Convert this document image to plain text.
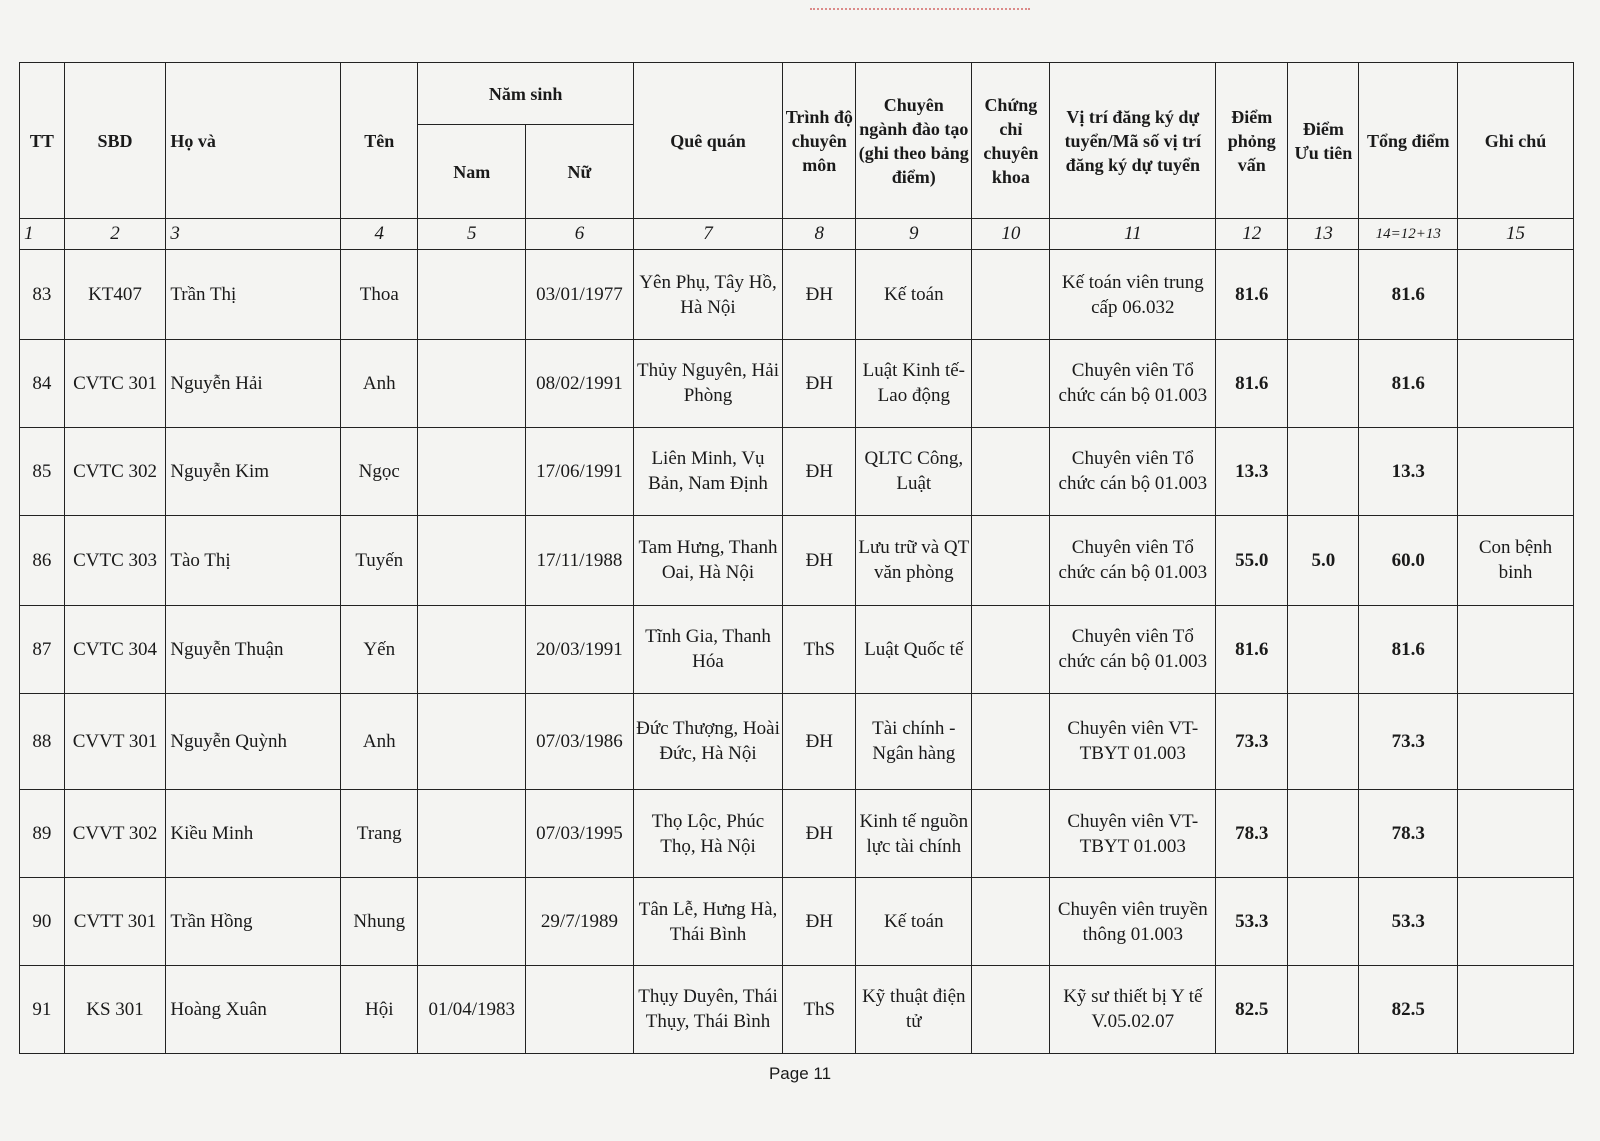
TT	SBD	Họ và	Tên	Năm sinh		Quê quán	Trình độ chuyên môn	Chuyên ngành đào tạo (ghi theo bảng điểm)	Chứng chỉ chuyên khoa	Vị trí đăng ký dự tuyển/Mã số vị trí đăng ký dự tuyển	Điểm phỏng vấn	Điểm Ưu tiên	Tổng điểm	Ghi chú
				Nam	Nữ									
1	2	3	4	5	6	7	8	9	10	11	12	13	14=12+13	15
83	KT407	Trần Thị	Thoa		03/01/1977	Yên Phụ, Tây Hồ, Hà Nội	ĐH	Kế toán		Kế toán viên trung cấp 06.032	81.6		81.6	
84	CVTC 301	Nguyễn Hải	Anh		08/02/1991	Thủy Nguyên, Hải Phòng	ĐH	Luật Kinh tế- Lao động		Chuyên viên Tổ chức cán bộ 01.003	81.6		81.6	
85	CVTC 302	Nguyễn Kim	Ngọc		17/06/1991	Liên Minh, Vụ Bản, Nam Định	ĐH	QLTC Công, Luật		Chuyên viên Tổ chức cán bộ 01.003	13.3		13.3	
86	CVTC 303	Tào Thị	Tuyến		17/11/1988	Tam Hưng, Thanh Oai, Hà Nội	ĐH	Lưu trữ và QT văn phòng		Chuyên viên Tổ chức cán bộ 01.003	55.0	5.0	60.0	Con bệnh binh
87	CVTC 304	Nguyễn Thuận	Yến		20/03/1991	Tĩnh Gia, Thanh Hóa	ThS	Luật Quốc tế		Chuyên viên Tổ chức cán bộ 01.003	81.6		81.6	
88	CVVT 301	Nguyễn Quỳnh	Anh		07/03/1986	Đức Thượng, Hoài Đức, Hà Nội	ĐH	Tài chính - Ngân hàng		Chuyên viên VT-TBYT 01.003	73.3		73.3	
89	CVVT 302	Kiều Minh	Trang		07/03/1995	Thọ Lộc, Phúc Thọ, Hà Nội	ĐH	Kinh tế nguồn lực tài chính		Chuyên viên VT-TBYT 01.003	78.3		78.3	
90	CVTT 301	Trần Hồng	Nhung		29/7/1989	Tân Lễ, Hưng Hà, Thái Bình	ĐH	Kế toán		Chuyên viên truyền thông 01.003	53.3		53.3	
91	KS 301	Hoàng Xuân	Hội	01/04/1983		Thụy Duyên, Thái Thụy, Thái Bình	ThS	Kỹ thuật điện tử		Kỹ sư thiết bị Y tế V.05.02.07	82.5		82.5	
Page 11
